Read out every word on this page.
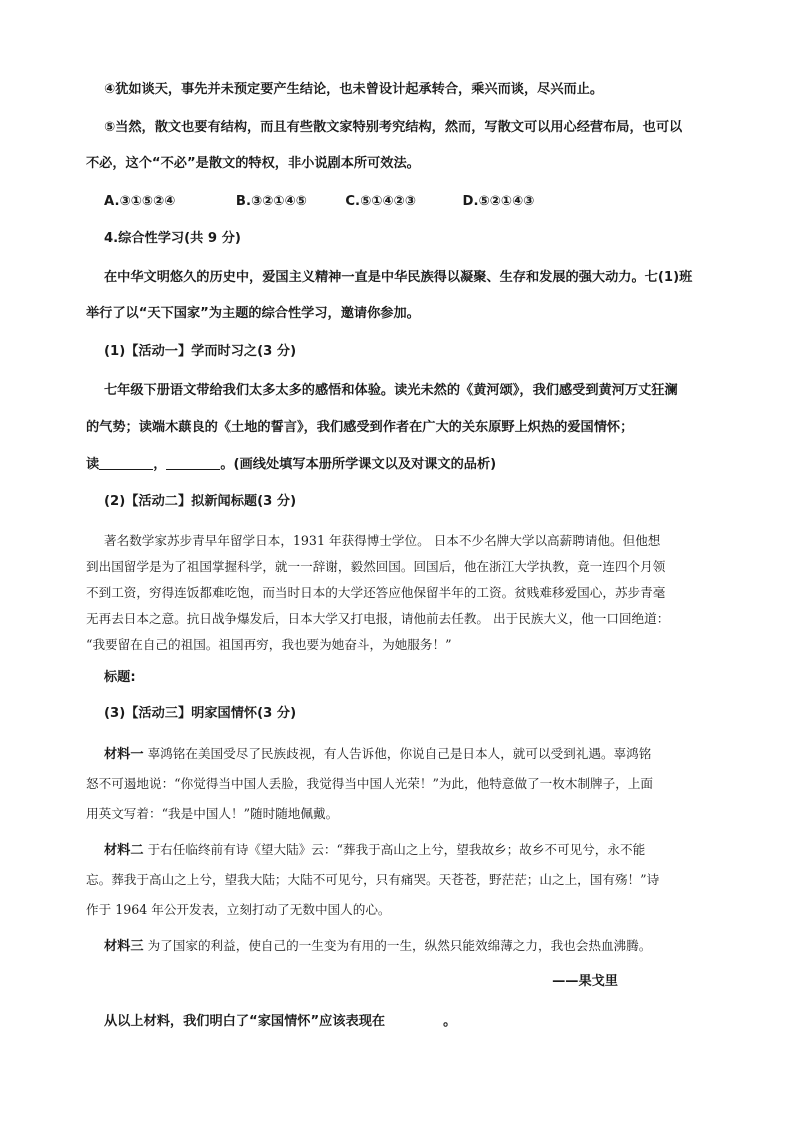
④犹如谈天，事先并未预定要产生结论，也未曾设计起承转合，乘兴而谈，尽兴而止。
⑤当然，散文也要有结构，而且有些散文家特别考究结构，然而，写散文可以用心经营布局，也可以
不必，这个“不必”是散文的特权，非小说剧本所可效法。
A.③①⑤②④	B.③②①④⑤	C.⑤①④②③	D.⑤②①④③
4.综合性学习(共 9 分)
在中华文明悠久的历史中，爱国主义精神一直是中华民族得以凝聚、生存和发展的强大动力。七(1)班
举行了以“天下国家”为主题的综合性学习，邀请你参加。
(1)【活动一】学而时习之(3 分)
七年级下册语文带给我们太多太多的感悟和体验。读光未然的《黄河颂》，我们感受到黄河万丈狂澜
的气势；读端木蕻良的《土地的誓言》，我们感受到作者在广大的关东原野上炽热的爱国情怀；
读	，	。(画线处填写本册所学课文以及对课文的品析)
(2)【活动二】拟新闻标题(3 分)
著名数学家苏步青早年留学日本，1931 年获得博士学位。 日本不少名牌大学以高薪聘请他。但他想
到出国留学是为了祖国掌握科学，就一一辞谢，毅然回国。回国后，他在浙江大学执教，竟一连四个月领
不到工资，穷得连饭都难吃饱，而当时日本的大学还答应他保留半年的工资。贫贱难移爱国心，苏步青毫
无再去日本之意。抗日战争爆发后，日本大学又打电报，请他前去任教。 出于民族大义，他一口回绝道：
“我要留在自己的祖国。祖国再穷，我也要为她奋斗，为她服务！”
标题:
(3)【活动三】明家国情怀(3 分)
材料一 辜鸿铭在美国受尽了民族歧视，有人告诉他，你说自己是日本人，就可以受到礼遇。辜鸿铭
怒不可遏地说：“你觉得当中国人丢脸，我觉得当中国人光荣！”为此，他特意做了一枚木制牌子，上面
用英文写着：“我是中国人！”随时随地佩戴。
材料二 于右任临终前有诗《望大陆》云：“葬我于高山之上兮，望我故乡；故乡不可见兮，永不能
忘。葬我于高山之上兮，望我大陆；大陆不可见兮，只有痛哭。天苍苍，野茫茫；山之上，国有殇！”诗
作于 1964 年公开发表，立刻打动了无数中国人的心。
材料三 为了国家的利益，使自己的一生变为有用的一生，纵然只能效绵薄之力，我也会热血沸腾。
——果戈里
从以上材料，我们明白了“家国情怀”应该表现在	。
